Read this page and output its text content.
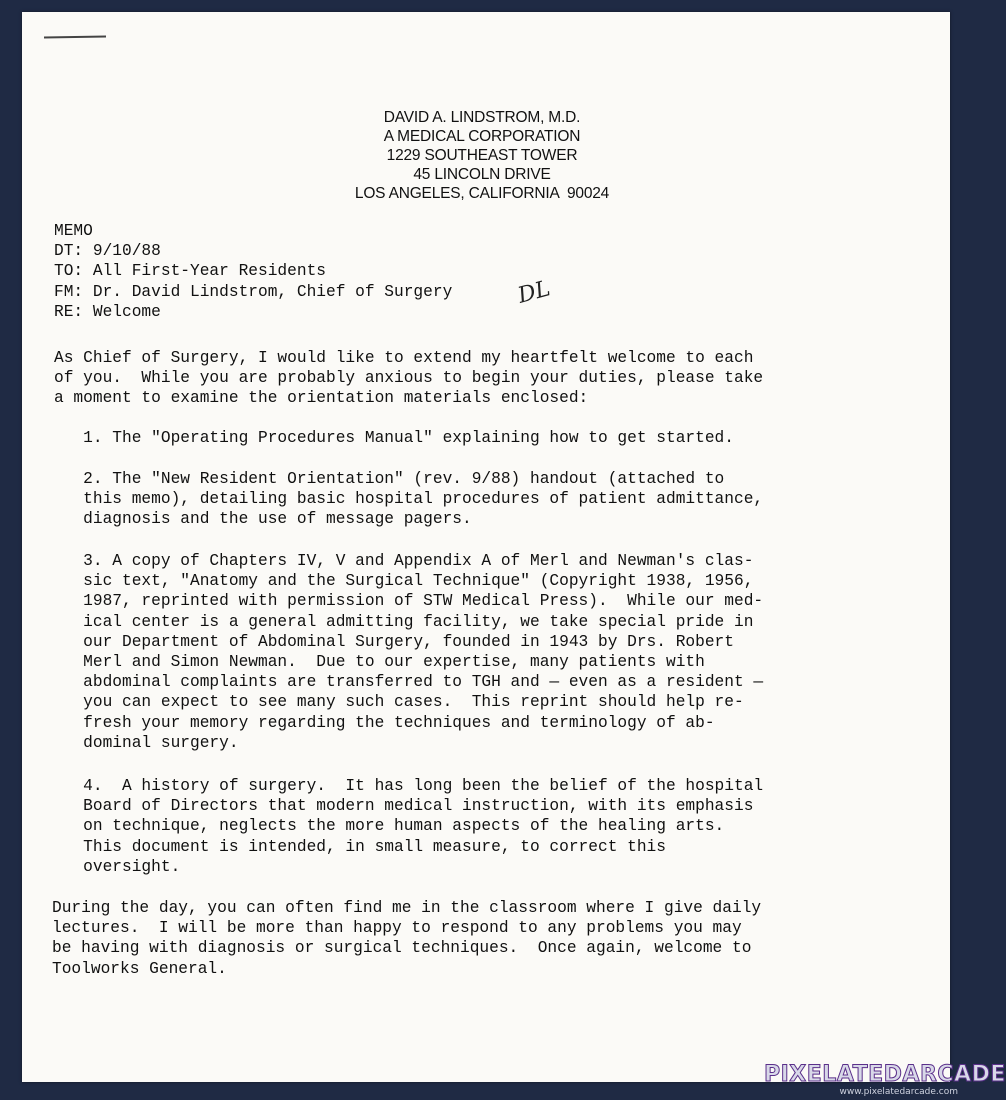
DAVID A. LINDSTROM, M.D.
A MEDICAL CORPORATION
1229 SOUTHEAST TOWER
45 LINCOLN DRIVE
LOS ANGELES, CALIFORNIA  90024
MEMO
DT: 9/10/88
TO: All First-Year Residents
FM: Dr. David Lindstrom, Chief of Surgery
RE: Welcome
DL
As Chief of Surgery, I would like to extend my heartfelt welcome to each
of you.  While you are probably anxious to begin your duties, please take
a moment to examine the orientation materials enclosed:
1. The "Operating Procedures Manual" explaining how to get started.
2. The "New Resident Orientation" (rev. 9/88) handout (attached to
this memo), detailing basic hospital procedures of patient admittance,
diagnosis and the use of message pagers.
3. A copy of Chapters IV, V and Appendix A of Merl and Newman's clas-
sic text, "Anatomy and the Surgical Technique" (Copyright 1938, 1956,
1987, reprinted with permission of STW Medical Press).  While our med-
ical center is a general admitting facility, we take special pride in
our Department of Abdominal Surgery, founded in 1943 by Drs. Robert
Merl and Simon Newman.  Due to our expertise, many patients with
abdominal complaints are transferred to TGH and — even as a resident —
you can expect to see many such cases.  This reprint should help re-
fresh your memory regarding the techniques and terminology of ab-
dominal surgery.
4.  A history of surgery.  It has long been the belief of the hospital
Board of Directors that modern medical instruction, with its emphasis
on technique, neglects the more human aspects of the healing arts.
This document is intended, in small measure, to correct this
oversight.
During the day, you can often find me in the classroom where I give daily
lectures.  I will be more than happy to respond to any problems you may
be having with diagnosis or surgical techniques.  Once again, welcome to
Toolworks General.
PIXELATEDARCADE
www.pixelatedarcade.com
